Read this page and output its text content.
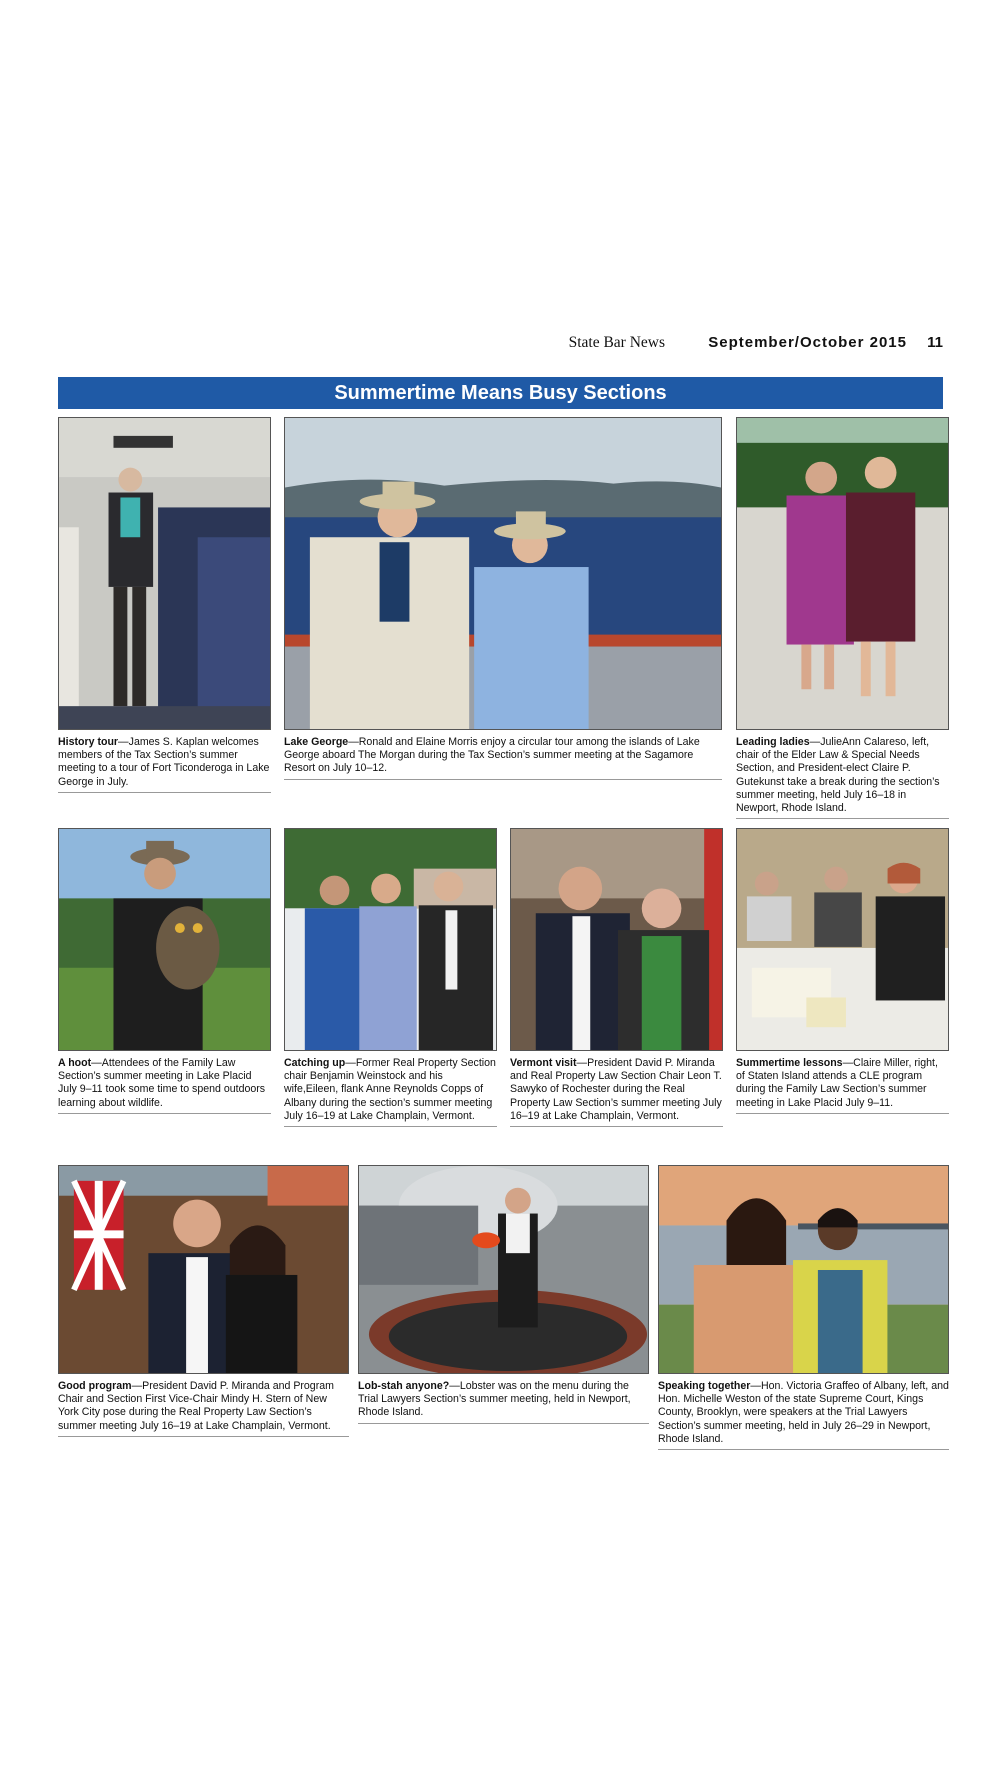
State Bar News	September/October 2015 11
Summertime Means Busy Sections
History tour—James S. Kaplan welcomes members of the Tax Section’s summer meeting to a tour of Fort Ticonderoga in Lake George in July.
Lake George—Ronald and Elaine Morris enjoy a circular tour among the islands of Lake George aboard The Morgan during the Tax Section’s summer meeting at the Sagamore Resort on July 10–12.
Leading ladies—JulieAnn Calareso, left, chair of the Elder Law & Special Needs Section, and President-elect Claire P. Gutekunst take a break during the section’s summer meeting, held July 16–18 in Newport, Rhode Island.
A hoot—Attendees of the Family Law Section’s summer meeting in Lake Placid July 9–11 took some time to spend outdoors learning about wildlife.
Catching up—Former Real Property Section chair Benjamin Weinstock and his wife,Eileen, flank Anne Reynolds Copps of Albany during the section’s summer meeting July 16–19 at Lake Champlain, Vermont.
Vermont visit—President David P. Miranda and Real Property Law Section Chair Leon T. Sawyko of Rochester during the Real Property Law Section’s summer meeting July 16–19 at Lake Champlain, Vermont.
Summertime lessons—Claire Miller, right, of Staten Island attends a CLE program during the Family Law Section’s summer meeting in Lake Placid July 9–11.
Good program—President David P. Miranda and Program Chair and Section First Vice-Chair Mindy H. Stern of New York City pose during the Real Property Law Section’s summer meeting July 16–19 at Lake Champlain, Vermont.
Lob-stah anyone?—Lobster was on the menu during the Trial Lawyers Section’s summer meeting, held in Newport, Rhode Island.
Speaking together—Hon. Victoria Graffeo of Albany, left, and Hon. Michelle Weston of the state Supreme Court, Kings County, Brooklyn, were speakers at the Trial Lawyers Section’s summer meeting, held in July 26–29 in Newport, Rhode Island.
